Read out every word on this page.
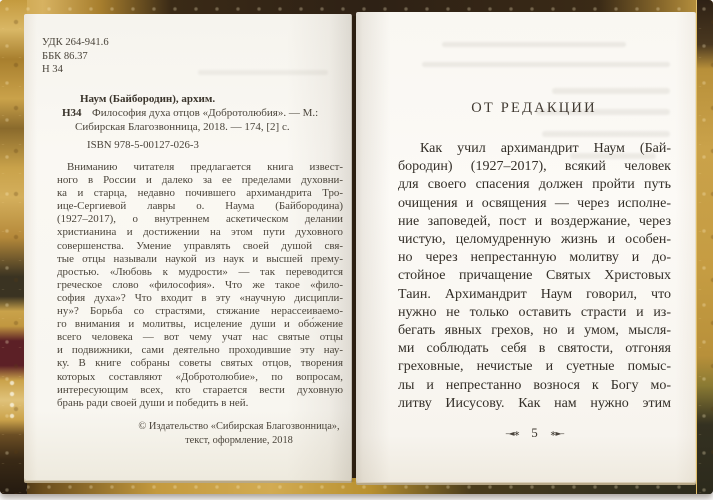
УДК 264-941.6
ББК 86.37
Н 34
Н34
Наум (Байбородин), архим.
Философия духа отцов «Добротолюбия». — М.:
Сибирская Благозвонница, 2018. — 174, [2] с.
ISBN 978-5-00127-026-3
Вниманию читателя предлагается книга извест-
ного в России и далеко за ее пределами духовни-
ка и старца, недавно почившего архимандрита Тро-
ице-Сергиевой лавры о. Наума (Байбородина)
(1927–2017), о внутреннем аскетическом делании
христианина и достижении на этом пути духовного
совершенства. Умение управлять своей душой свя-
тые отцы называли наукой из наук и высшей прему-
дростью. «Любовь к мудрости» — так переводится
греческое слово «философия». Что же такое «фило-
софия духа»? Что входит в эту «научную дисципли-
ну»? Борьба со страстями, стяжание нерассеиваемо-
го внимания и молитвы, исцеление души и обо́жение
всего человека — вот чему учат нас святые отцы
и подвижники, сами деятельно проходившие эту нау-
ку. В книге собраны советы святых отцов, творения
которых составляют «Добротолюбие», по вопросам,
интересующим всех, кто старается вести духовную
брань ради своей души и победить в ней.
© Издательство «Сибирская Благозвонница»,
текст, оформление, 2018
ОТ РЕДАКЦИИ
Как учил архимандрит Наум (Бай-
бородин) (1927–2017), всякий человек
для своего спасения должен пройти путь
очищения и освящения — через исполне-
ние заповедей, пост и воздержание, через
чистую, целомудренную жизнь и особен-
но через непрестанную молитву и до-
стойное причащение Святых Христовых
Таин. Архимандрит Наум говорил, что
нужно не только оставить страсти и из-
бегать явных грехов, но и умом, мысля-
ми соблюдать себя в святости, отгоняя
греховные, нечистые и суетные помыс-
лы и непрестанно вознося к Богу мо-
литву Иисусову. Как нам нужно этим
–◄∗ 5 ∗►–
